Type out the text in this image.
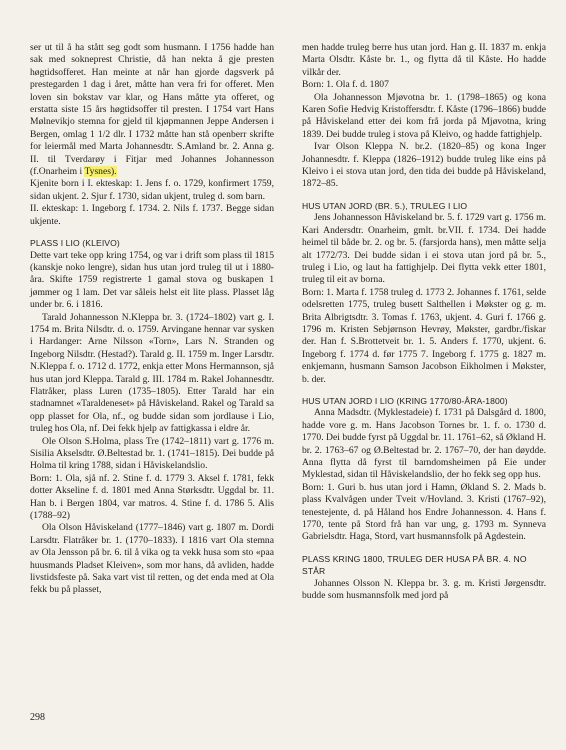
ser ut til å ha stått seg godt som husmann. I 1756 hadde han sak med sokneprest Christie, då han nekta å gje presten høgtidsofferet. Han meinte at når han gjorde dagsverk på prestegarden 1 dag i året, måtte han vera fri for offeret. Men loven sin bokstav var klar, og Hans måtte yta offeret, og erstatta siste 15 års høgtidsoffer til presten. I 1754 vart Hans Mølnevikjo stemna for gjeld til kjøpmannen Jeppe Andersen i Bergen, omlag 1 1/2 dlr. I 1732 måtte han stå openberr skrifte for leiermål med Marta Johannesdtr. S.Amland br. 2. Anna g. II. til Tverdarøy i Fitjar med Johannes Johannesson (f.Onarheim i Tysnes).

Kjenite born i I. ekteskap: 1. Jens f. o. 1729, konfirmert 1759, sidan ukjent. 2. Sjur f. 1730, sidan ukjent, truleg d. som barn.

II. ekteskap: 1. Ingeborg f. 1734. 2. Nils f. 1737. Begge sidan ukjente.

PLASS I LIO (KLEIVO)

Dette vart teke opp kring 1754, og var i drift som plass til 1815 (kanskje noko lengre), sidan hus utan jord truleg til ut i 1880-åra. Skifte 1759 registrerte 1 gamal stova og buskapen 1 jømmer og 1 lam. Det var såleis helst eit lite plass. Plasset låg under br. 6. i 1816.

Tarald Johannesson N.Kleppa br. 3. (1724–1802) vart g. I. 1754 m. Brita Nilsdtr. d. o. 1759. Arvingane hennar var sysken i Hardanger: Arne Nilsson «Torn», Lars N. Stranden og Ingeborg Nilsdtr. (Hestad?). Tarald g. II. 1759 m. Inger Larsdtr. N.Kleppa f. o. 1712 d. 1772, enkja etter Mons Hermannson, sjå hus utan jord Kleppa. Tarald g. III. 1784 m. Rakel Johannesdtr. Flatråker, plass Luren (1735–1805). Etter Tarald har ein stadnamnet «Taraldeneset» på Håviskeland. Rakel og Tarald sa opp plasset for Ola, nf., og budde sidan som jordlause i Lio, truleg hos Ola, nf. Dei fekk hjelp av fattigkassa i eldre år.

Ole Olson S.Holma, plass Tre (1742–1811) vart g. 1776 m. Sisilia Akselsdtr. Ø.Beltestad br. 1. (1741–1815). Dei budde på Holma til kring 1788, sidan i Håviskelandslio.

Born: 1. Ola, sjå nf. 2. Stine f. d. 1779 3. Aksel f. 1781, fekk dotter Akseline f. d. 1801 med Anna Størksdtr. Uggdal br. 11. Han b. i Bergen 1804, var matros. 4. Stine f. d. 1786 5. Alis (1788–92)

Ola Olson Håviskeland (1777–1846) vart g. 1807 m. Dordi Larsdtr. Flatråker br. 1. (1770–1833). I 1816 vart Ola stemna av Ola Jensson på br. 6. til å vika og ta vekk husa som sto «paa huusmands Pladset Kleiven», som mor hans, då avliden, hadde livstidsfeste på. Saka vart vist til retten, og det enda med at Ola fekk bu på plasset,

men hadde truleg berre hus utan jord. Han g. II. 1837 m. enkja Marta Olsdtr. Kåste br. 1., og flytta då til Kåste. Ho hadde vilkår der.

Born: 1. Ola f. d. 1807

Ola Johannesson Mjøvotna br. 1. (1798–1865) og kona Karen Sofie Hedvig Kristoffersdtr. f. Kåste (1796–1866) budde på Håviskeland etter dei kom frå jorda på Mjøvotna, kring 1839. Dei budde truleg i stova på Kleivo, og hadde fattighjelp.

Ivar Olson Kleppa N. br.2. (1820–85) og kona Inger Johannesdtr. f. Kleppa (1826–1912) budde truleg like eins på Kleivo i ei stova utan jord, den tida dei budde på Håviskeland, 1872–85.

HUS UTAN JORD (BR. 5.), TRULEG I LIO

Jens Johannesson Håviskeland br. 5. f. 1729 vart g. 1756 m. Kari Andersdtr. Onarheim, gmlt. br.VII. f. 1734. Dei hadde heimel til både br. 2. og br. 5. (farsjorda hans), men måtte selja alt 1772/73. Dei budde sidan i ei stova utan jord på br. 5., truleg i Lio, og laut ha fattighjelp. Dei flytta vekk etter 1801, truleg til eit av borna.

Born: 1. Marta f. 1758 truleg d. 1773 2. Johannes f. 1761, selde odelsretten 1775, truleg busett Salthellen i Møkster og g. m. Brita Albrigtsdtr. 3. Tomas f. 1763, ukjent. 4. Guri f. 1766 g. 1796 m. Kristen Sebjørnson Hevrøy, Møkster, gardbr./fiskar der. Han f. S.Brottetveit br. 1. 5. Anders f. 1770, ukjent. 6. Ingeborg f. 1774 d. før 1775 7. Ingeborg f. 1775 g. 1827 m. enkjemann, husmann Samson Jacobson Eikholmen i Møkster, b. der.

HUS UTAN JORD I LIO (KRING 1770/80-ÅRA-1800)

Anna Madsdtr. (Myklestadeie) f. 1731 på Dalsgård d. 1800, hadde vore g. m. Hans Jacobson Tornes br. 1. f. o. 1730 d. 1770. Dei budde fyrst på Uggdal br. 11. 1761–62, så Økland H. br. 2. 1763–67 og Ø.Beltestad br. 2. 1767–70, der han døydde. Anna flytta då fyrst til barndomsheimen på Eie under Myklestad, sidan til Håviskelandslio, der ho fekk seg opp hus.

Born: 1. Guri b. hus utan jord i Hamn, Økland S. 2. Mads b. plass Kvalvågen under Tveit v/Hovland. 3. Kristi (1767–92), tenestejente, d. på Håland hos Endre Johannesson. 4. Hans f. 1770, tente på Stord frå han var ung, g. 1793 m. Synneva Gabrielsdtr. Haga, Stord, vart husmannsfolk på Agdestein.

PLASS KRING 1800, TRULEG DER HUSA PÅ BR. 4. NO STÅR

Johannes Olsson N. Kleppa br. 3. g. m. Kristi Jørgensdtr. budde som husmannsfolk med jord på

298
